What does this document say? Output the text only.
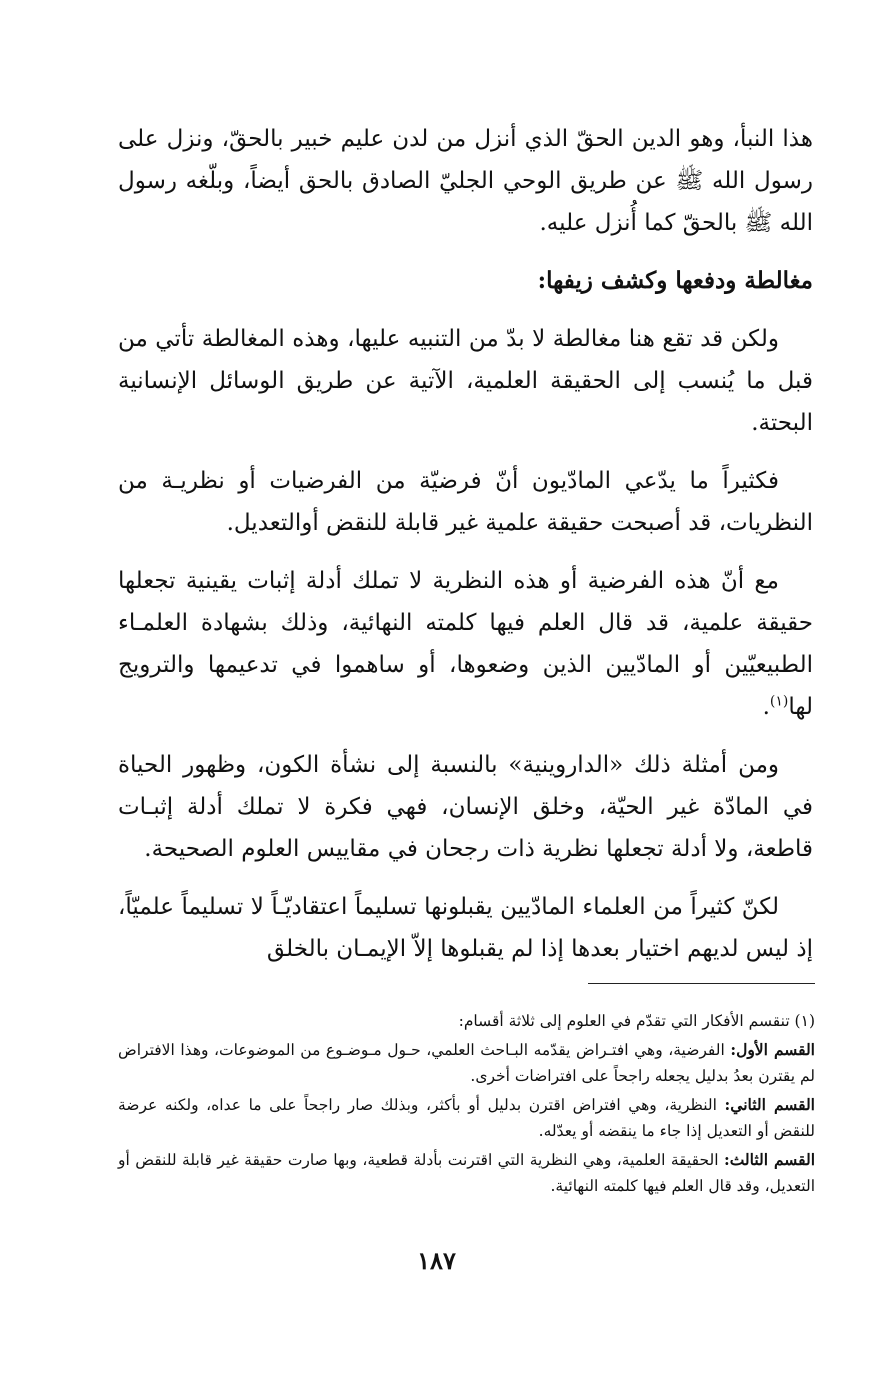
هذا النبأ، وهو الدين الحقّ الذي أنزل من لدن عليم خبير بالحقّ، ونزل على رسول الله ﷺ عن طريق الوحي الجليّ الصادق بالحق أيضاً، وبلّغه رسول الله ﷺ بالحقّ كما أُنزل عليه.

مغالطة ودفعها وكشف زيفها:

ولكن قد تقع هنا مغالطة لا بدّ من التنبيه عليها، وهذه المغالطة تأتي من قبل ما يُنسب إلى الحقيقة العلمية، الآتية عن طريق الوسائل الإنسانية البحتة.

فكثيراً ما يدّعي المادّيون أنّ فرضيّة من الفرضيات أو نظريـة من النظريات، قد أصبحت حقيقة علمية غير قابلة للنقض أوالتعديل.

مع أنّ هذه الفرضية أو هذه النظرية لا تملك أدلة إثبات يقينية تجعلها حقيقة علمية، قد قال العلم فيها كلمته النهائية، وذلك بشهادة العلمـاء الطبيعيّين أو المادّيين الذين وضعوها، أو ساهموا في تدعيمها والترويج لها$^{(١)}$.

ومن أمثلة ذلك «الداروينية» بالنسبة إلى نشأة الكون، وظهور الحياة في المادّة غير الحيّة، وخلق الإنسان، فهي فكرة لا تملك أدلة إثبـات قاطعة، ولا أدلة تجعلها نظرية ذات رجحان في مقاييس العلوم الصحيحة.

لكنّ كثيراً من العلماء المادّيين يقبلونها تسليماً اعتقاديّـاً لا تسليماً علميّاً، إذ ليس لديهم اختيار بعدها إذا لم يقبلوها إلاّ الإيمـان بالخلق

(١) تنقسم الأفكار التي تقدّم في العلوم إلى ثلاثة أقسام:

القسم الأول: الفرضية، وهي افتـراض يقدّمه البـاحث العلمي، حـول مـوضـوع من الموضوعات، وهذا الافتراض لم يقترن بعدُ بدليل يجعله راجحاً على افتراضات أخرى.

القسم الثاني: النظرية، وهي افتراض اقترن بدليل أو بأكثر، وبذلك صار راجحاً على ما عداه، ولكنه عرضة للنقض أو التعديل إذا جاء ما ينقضه أو يعدّله.

القسم الثالث: الحقيقة العلمية، وهي النظرية التي اقترنت بأدلة قطعية، وبها صارت حقيقة غير قابلة للنقض أو التعديل، وقد قال العلم فيها كلمته النهائية.

١٨٧
